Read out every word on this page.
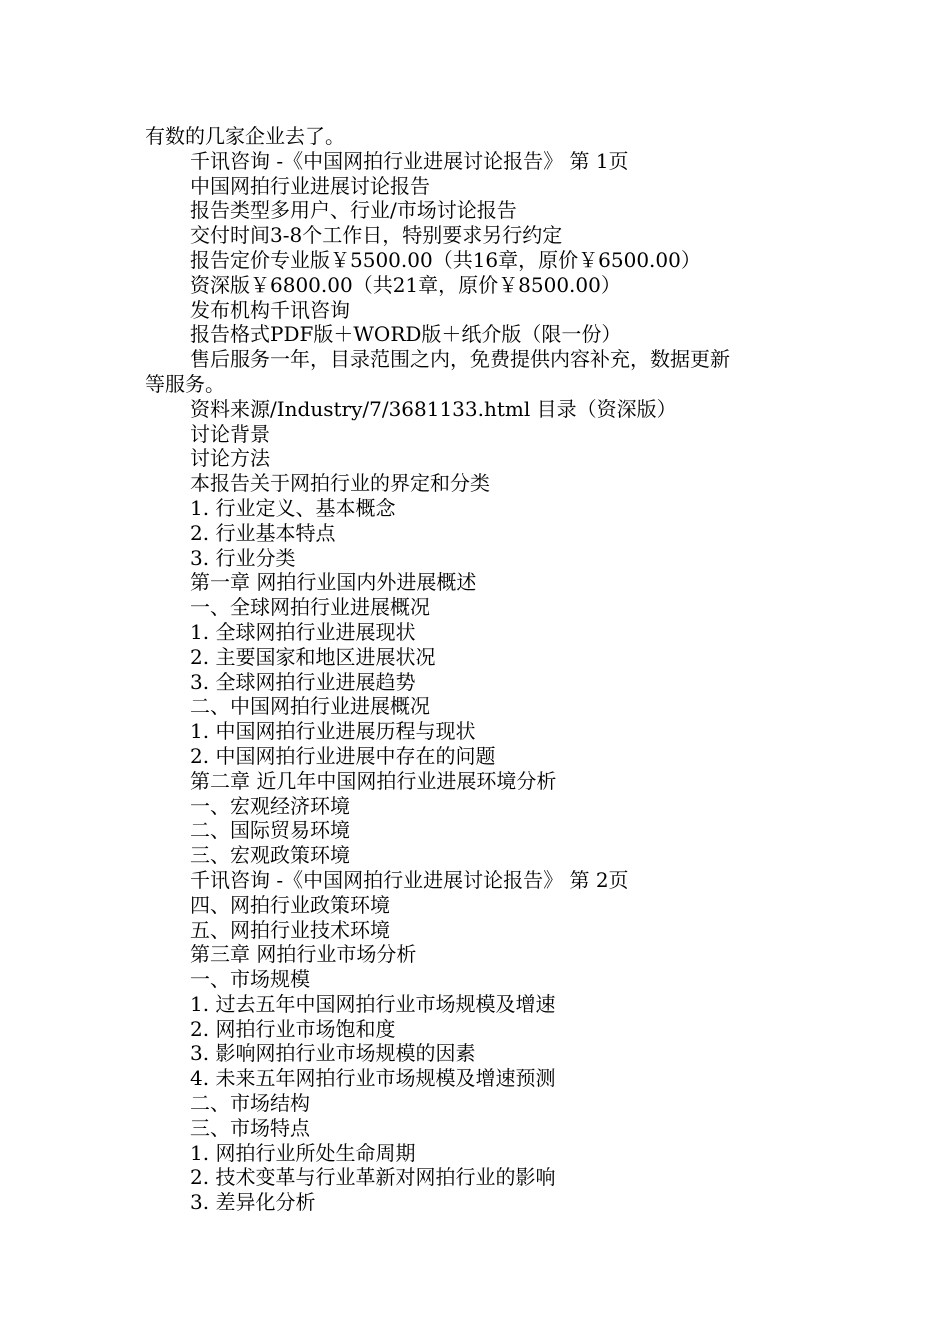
有数的几家企业去了。
千讯咨询 -《中国网拍行业进展讨论报告》 第 1页
中国网拍行业进展讨论报告
报告类型多用户、行业/市场讨论报告
交付时间3-8个工作日，特别要求另行约定
报告定价专业版￥5500.00（共16章，原价￥6500.00）
资深版￥6800.00（共21章，原价￥8500.00）
发布机构千讯咨询
报告格式PDF版＋WORD版＋纸介版（限一份）
售后服务一年，目录范围之内，免费提供内容补充，数据更新
等服务。
资料来源/Industry/7/3681133.html 目录（资深版）
讨论背景
讨论方法
本报告关于网拍行业的界定和分类
1. 行业定义、基本概念
2. 行业基本特点
3. 行业分类
第一章 网拍行业国内外进展概述
一、全球网拍行业进展概况
1. 全球网拍行业进展现状
2. 主要国家和地区进展状况
3. 全球网拍行业进展趋势
二、中国网拍行业进展概况
1. 中国网拍行业进展历程与现状
2. 中国网拍行业进展中存在的问题
第二章 近几年中国网拍行业进展环境分析
一、宏观经济环境
二、国际贸易环境
三、宏观政策环境
千讯咨询 -《中国网拍行业进展讨论报告》 第 2页
四、网拍行业政策环境
五、网拍行业技术环境
第三章 网拍行业市场分析
一、市场规模
1. 过去五年中国网拍行业市场规模及增速
2. 网拍行业市场饱和度
3. 影响网拍行业市场规模的因素
4. 未来五年网拍行业市场规模及增速预测
二、市场结构
三、市场特点
1. 网拍行业所处生命周期
2. 技术变革与行业革新对网拍行业的影响
3. 差异化分析
